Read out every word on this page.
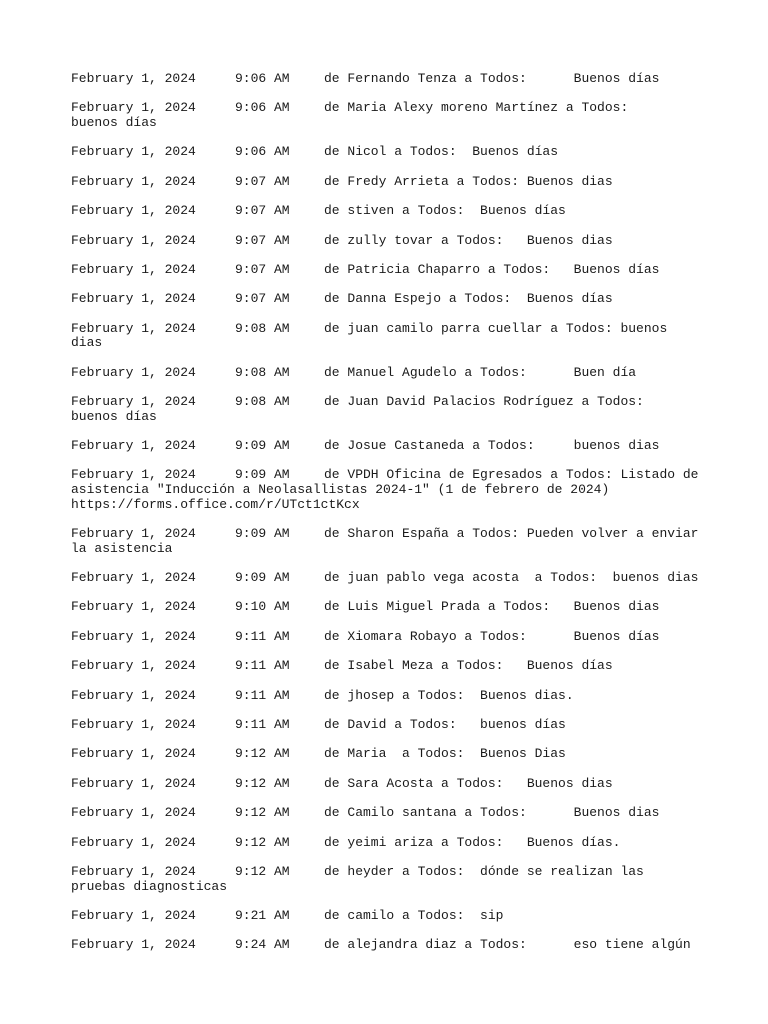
February 1, 2024	9:06 AM	de Fernando Tenza a Todos:      Buenos días
February 1, 2024	9:06 AM	de Maria Alexy moreno Martínez a Todos:    buenos días
February 1, 2024	9:06 AM	de Nicol a Todos:  Buenos días
February 1, 2024	9:07 AM	de Fredy Arrieta a Todos: Buenos dias
February 1, 2024	9:07 AM	de stiven a Todos:  Buenos días
February 1, 2024	9:07 AM	de zully tovar a Todos:   Buenos dias
February 1, 2024	9:07 AM	de Patricia Chaparro a Todos:   Buenos días
February 1, 2024	9:07 AM	de Danna Espejo a Todos:  Buenos días
February 1, 2024	9:08 AM	de juan camilo parra cuellar a Todos: buenos dias
February 1, 2024	9:08 AM	de Manuel Agudelo a Todos:      Buen día
February 1, 2024	9:08 AM	de Juan David Palacios Rodríguez a Todos:  buenos días
February 1, 2024	9:09 AM	de Josue Castaneda a Todos:     buenos dias
February 1, 2024	9:09 AM	de VPDH Oficina de Egresados a Todos: Listado de asistencia "Inducción a Neolasallistas 2024-1" (1 de febrero de 2024) https://forms.office.com/r/UTct1ctKcx
February 1, 2024	9:09 AM	de Sharon España a Todos: Pueden volver a enviar la asistencia
February 1, 2024	9:09 AM	de juan pablo vega acosta  a Todos:  buenos dias
February 1, 2024	9:10 AM	de Luis Miguel Prada a Todos:   Buenos dias
February 1, 2024	9:11 AM	de Xiomara Robayo a Todos:      Buenos días
February 1, 2024	9:11 AM	de Isabel Meza a Todos:   Buenos días
February 1, 2024	9:11 AM	de jhosep a Todos:  Buenos dias.
February 1, 2024	9:11 AM	de David a Todos:   buenos días
February 1, 2024	9:12 AM	de Maria  a Todos:  Buenos Dias
February 1, 2024	9:12 AM	de Sara Acosta a Todos:   Buenos dias
February 1, 2024	9:12 AM	de Camilo santana a Todos:      Buenos dias
February 1, 2024	9:12 AM	de yeimi ariza a Todos:   Buenos días.
February 1, 2024	9:12 AM	de heyder a Todos:  dónde se realizan las pruebas diagnosticas
February 1, 2024	9:21 AM	de camilo a Todos:  sip
February 1, 2024	9:24 AM	de alejandra diaz a Todos:      eso tiene algún
